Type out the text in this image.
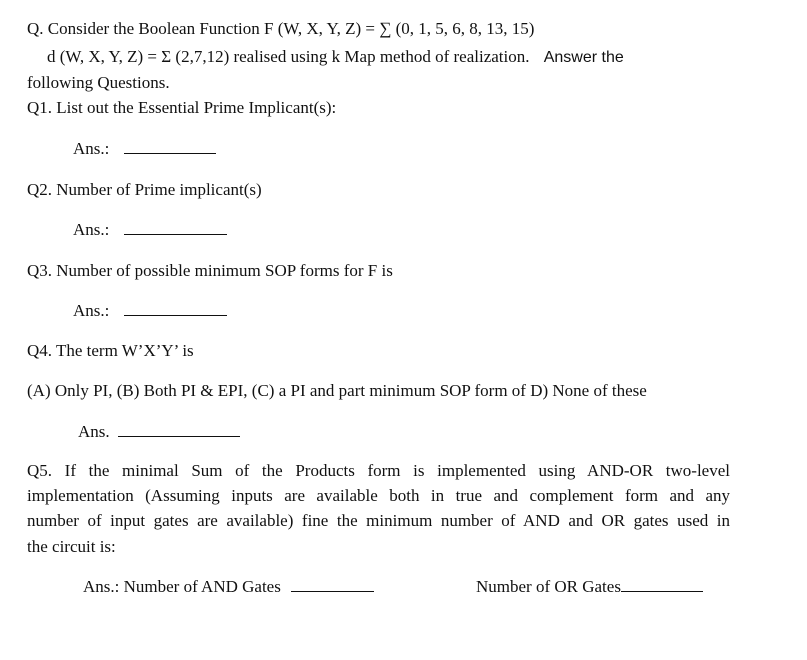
Q. Consider the Boolean Function F (W, X, Y, Z) = ∑ (0, 1, 5, 6, 8, 13, 15)
d (W, X, Y, Z) = Σ (2,7,12) realised using k Map method of realization. Answer the
following Questions.
Q1. List out the Essential Prime Implicant(s):
Ans.:
Q2. Number of Prime implicant(s)
Ans.:
Q3. Number of possible minimum SOP forms for F is
Ans.:
Q4. The term W’X’Y’ is
(A) Only PI, (B) Both PI & EPI, (C) a PI and part minimum SOP form of D) None of these
Ans.
Q5. If the minimal Sum of the Products form is implemented using AND-OR two-level
implementation (Assuming inputs are available both in true and complement form and any
number of input gates are available) fine the minimum number of AND and OR gates used in
the circuit is:
Ans.: Number of AND Gates	Number of OR Gates
